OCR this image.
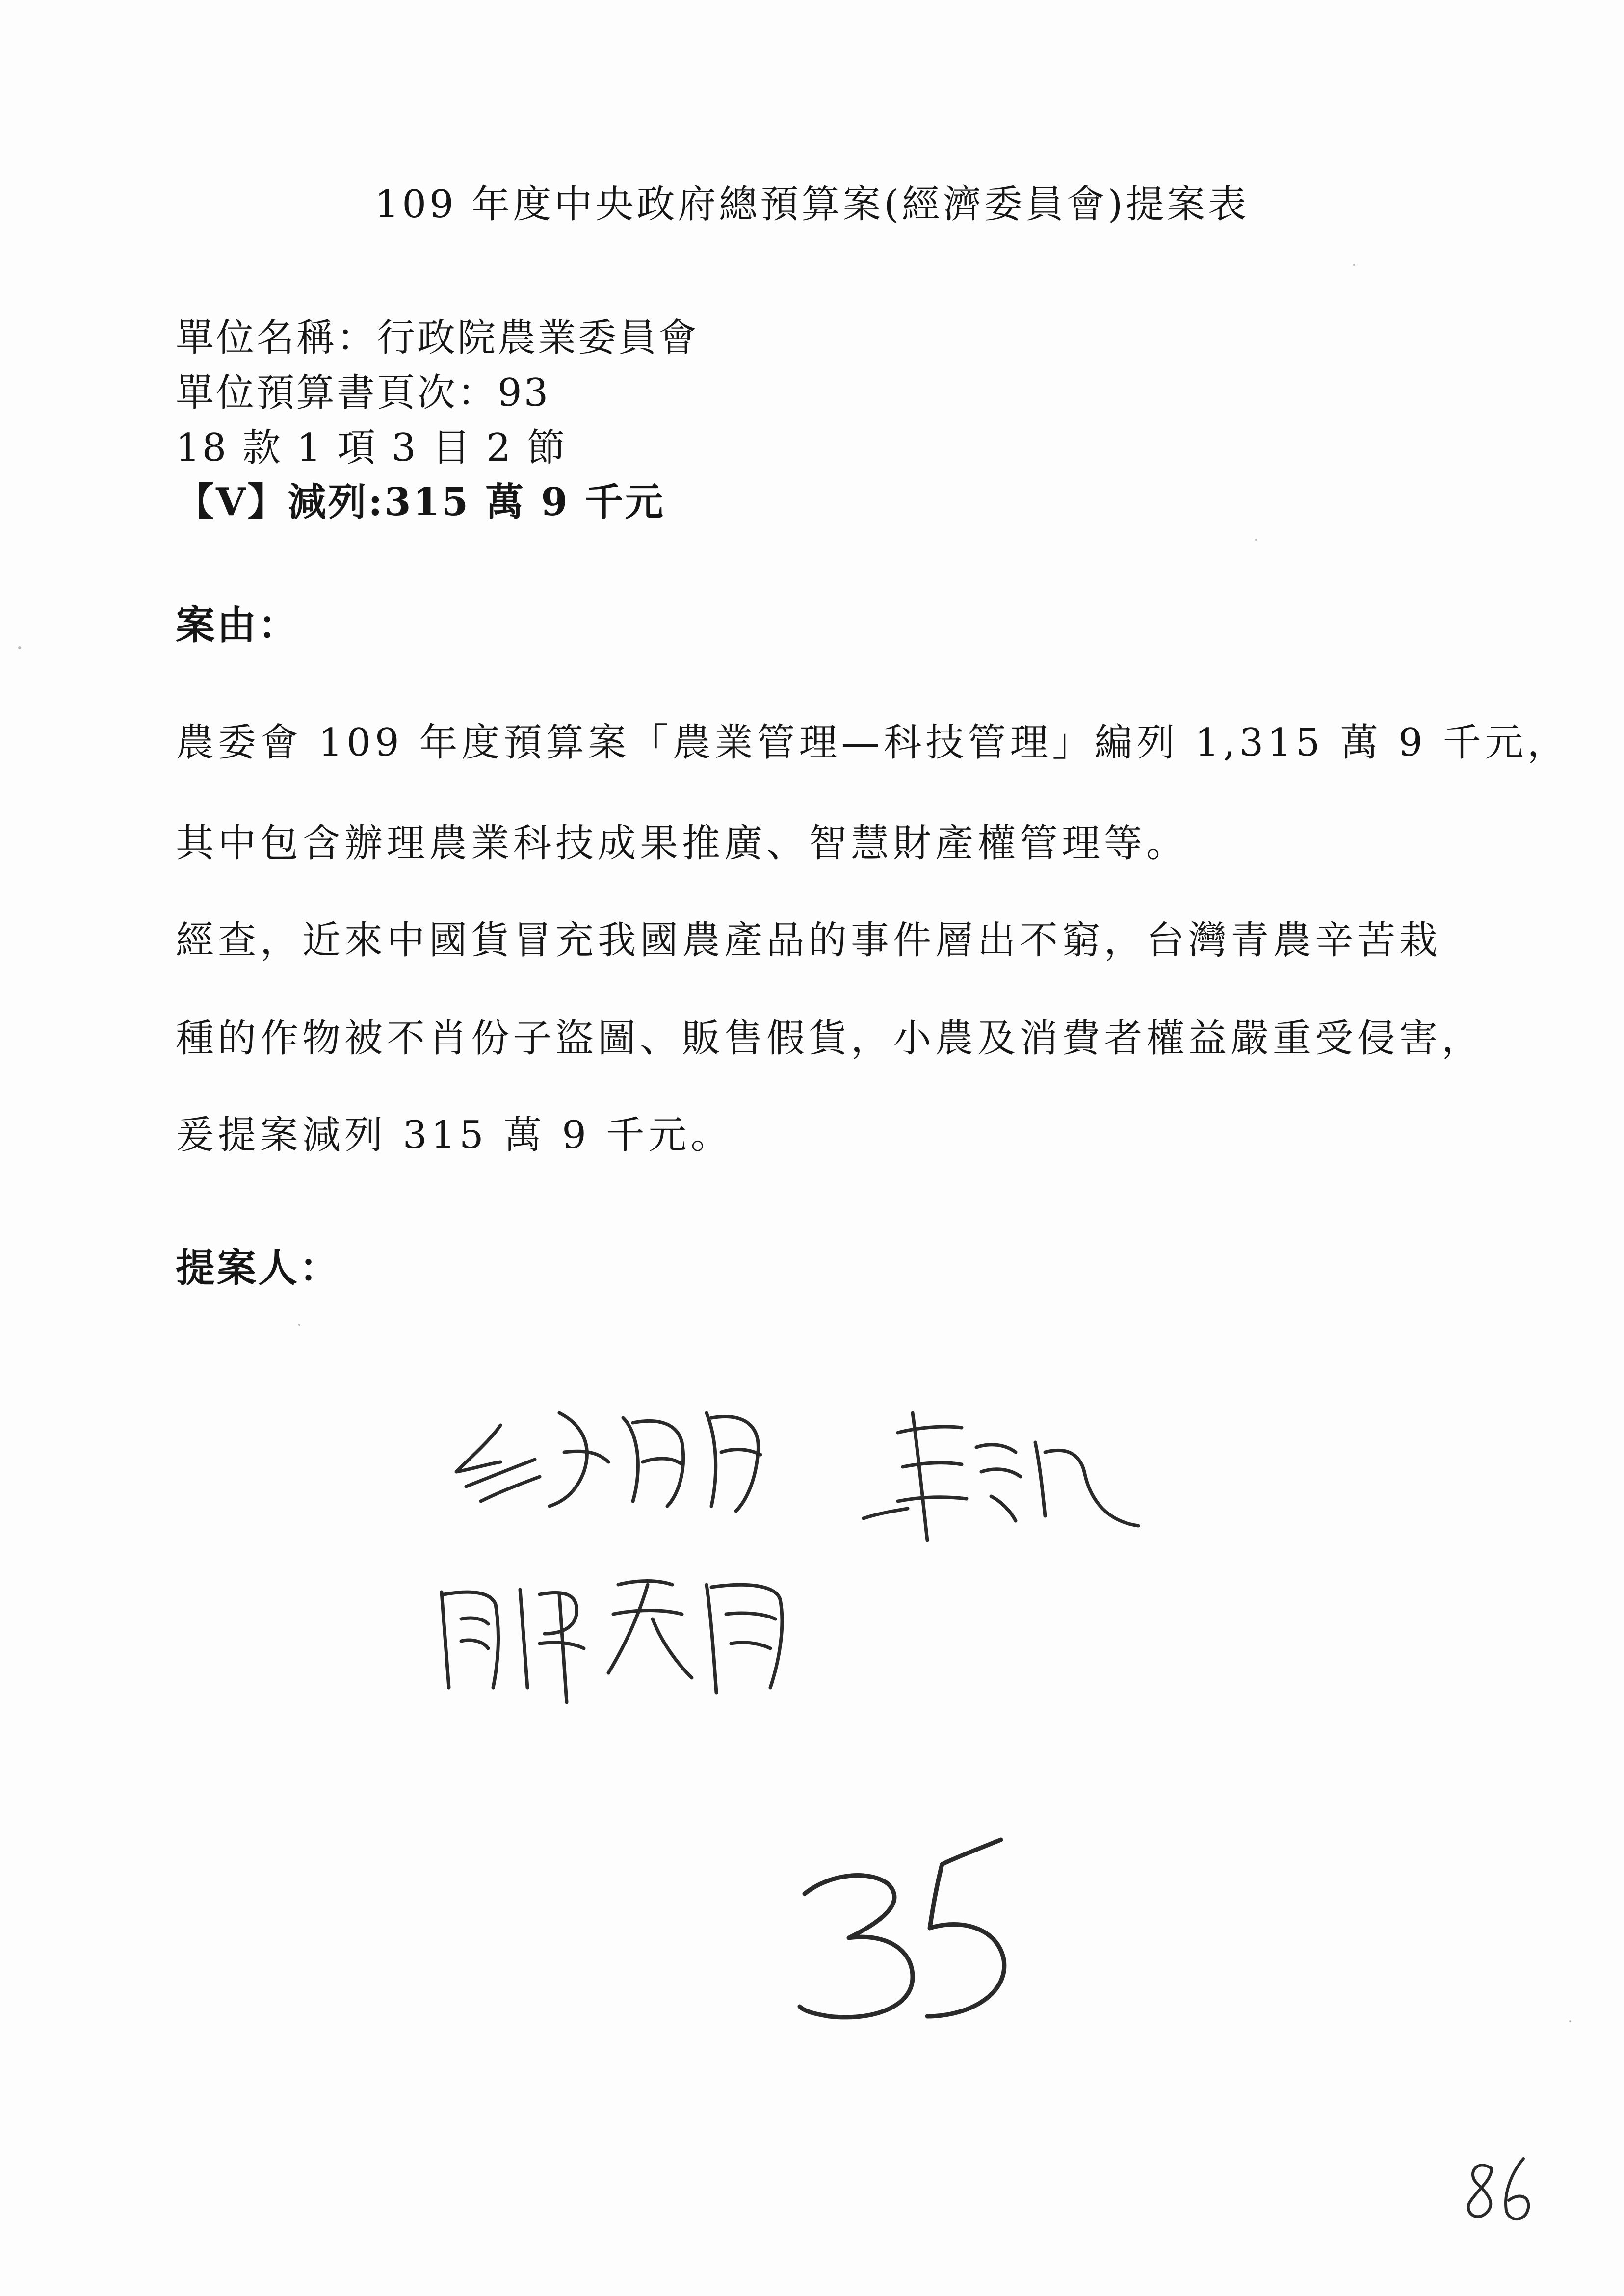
109 年度中央政府總預算案(經濟委員會)提案表
單位名稱：行政院農業委員會
單位預算書頁次：93
18 款 1 項 3 目 2 節
【V】減列:315 萬 9 千元
案由：
農委會 109 年度預算案「農業管理—科技管理」編列 1,315 萬 9 千元，
其中包含辦理農業科技成果推廣、智慧財產權管理等。
經查，近來中國貨冒充我國農產品的事件層出不窮，台灣青農辛苦栽
種的作物被不肖份子盜圖、販售假貨，小農及消費者權益嚴重受侵害，
爰提案減列 315 萬 9 千元。
提案人：
